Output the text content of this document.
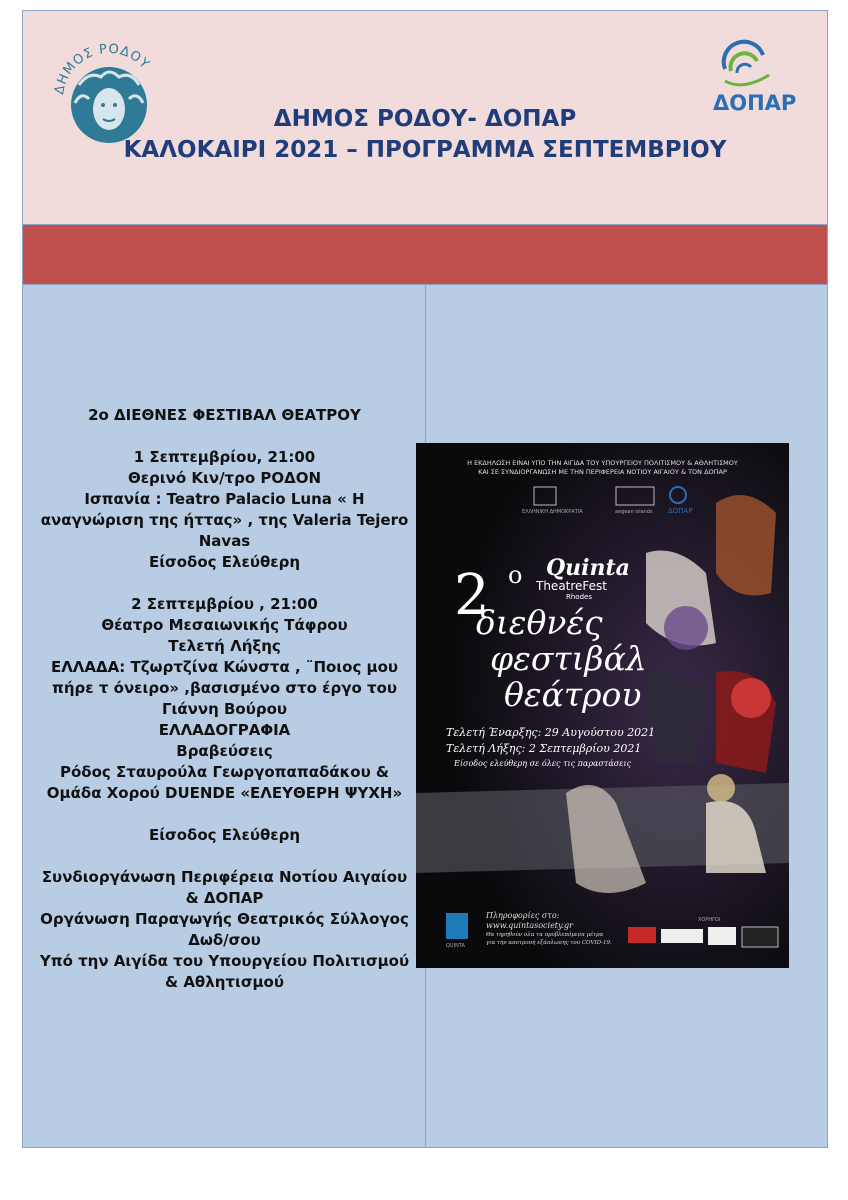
ΔΗΜΟΣ ΡΟΔΟΥ
ΔΟΠΑΡ
ΔΗΜΟΣ ΡΟΔΟΥ- ΔΟΠΑΡ
ΚΑΛΟΚΑΙΡΙ 2021 – ΠΡΟΓΡΑΜΜΑ ΣΕΠΤΕΜΒΡΙΟΥ
2ο ΔΙΕΘΝΕΣ ΦΕΣΤΙΒΑΛ ΘΕΑΤΡΟΥ
1 Σεπτεμβρίου, 21:00
Θερινό Κιν/τρο ΡΟΔΟΝ
Ισπανία : Teatro Palacio Luna « Η αναγνώριση της ήττας» , της Valeria Tejero Navas
Είσοδος Ελεύθερη
2 Σεπτεμβρίου , 21:00
Θέατρο Μεσαιωνικής Τάφρου
Τελετή Λήξης
ΕΛΛΑΔΑ: Τζωρτζίνα Κώνστα , ¨Ποιος μου πήρε τ όνειρο» ,βασισμένο στο έργο του Γιάννη Βούρου
ΕΛΛΑΔΟΓΡΑΦΙΑ
Βραβεύσεις
Ρόδος Σταυρούλα Γεωργοπαπαδάκου & Ομάδα Χορού DUENDE «ΕΛΕΥΘΕΡΗ ΨΥΧΗ»
Είσοδος Ελεύθερη
Συνδιοργάνωση Περιφέρεια Νοτίου Αιγαίου & ΔΟΠΑΡ
Οργάνωση Παραγωγής Θεατρικός Σύλλογος Δωδ/σου
Υπό την Αιγίδα του Υπουργείου Πολιτισμού & Αθλητισμού
Η ΕΚΔΗΛΩΣΗ ΕΙΝΑΙ ΥΠΟ ΤΗΝ ΑΙΓΙΔΑ ΤΟΥ ΥΠΟΥΡΓΕΙΟΥ ΠΟΛΙΤΙΣΜΟΥ & ΑΘΛΗΤΙΣΜΟΥ
ΚΑΙ ΣΕ ΣΥΝΔΙΟΡΓΑΝΩΣΗ ΜΕ ΤΗΝ ΠΕΡΙΦΕΡΕΙΑ ΝΟΤΙΟΥ ΑΙΓΑΙΟΥ & ΤΟΝ ΔΟΠΑΡ
ΕΛΛΗΝΙΚΗ ΔΗΜΟΚΡΑΤΙΑ	aegean islands ΔΟΠΑΡ
2 ο Quinta
TheatreFest
Rhodes
διεθνές
φεστιβάλ
θεάτρου
Τελετή Έναρξης: 29 Αυγούστου 2021
Τελετή Λήξης: 2 Σεπτεμβρίου 2021
Είσοδος ελεύθερη σε όλες τις παραστάσεις
Πληροφορίες στο:
www.quintasociety.gr
Θα τηρηθούν όλα τα προβλεπόμενα μέτρα
για την αποτροπή εξάπλωσης του COVID-19.
QUINTA
ΧΟΡΗΓΟΙ
